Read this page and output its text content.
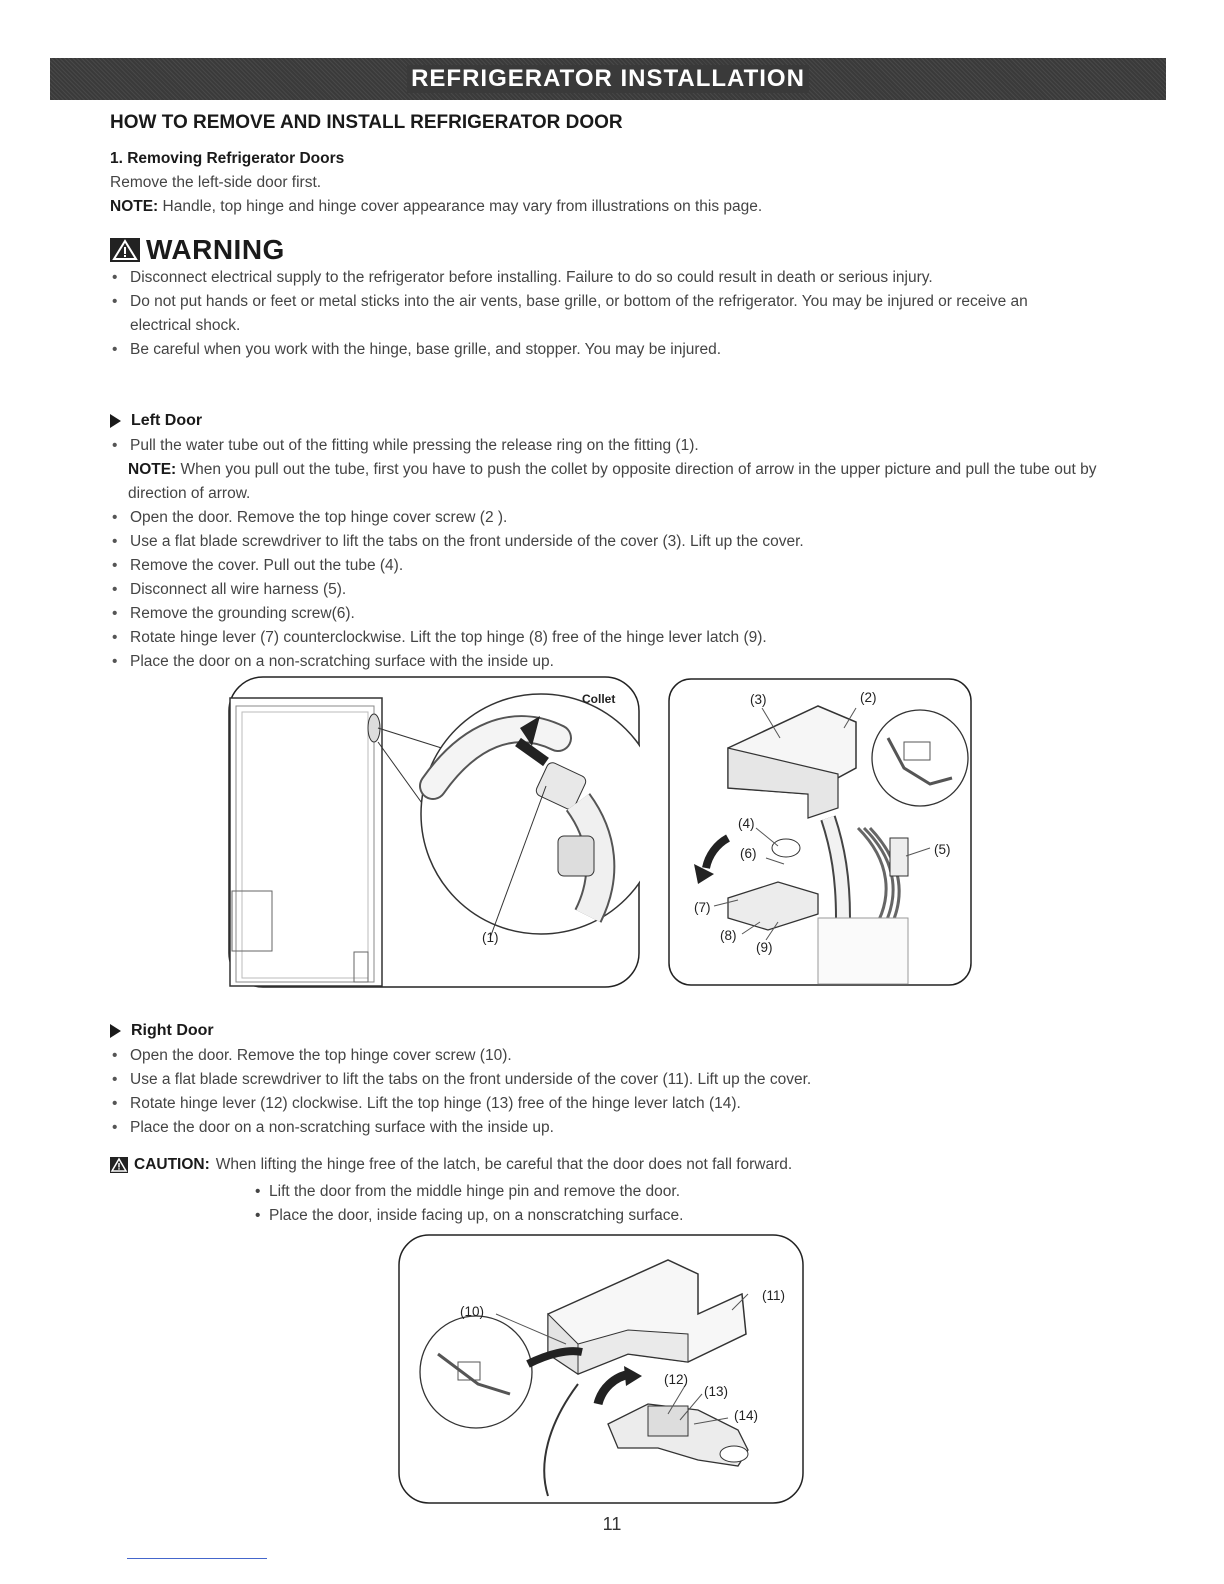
REFRIGERATOR INSTALLATION
HOW TO REMOVE AND INSTALL REFRIGERATOR DOOR
1. Removing Refrigerator Doors
Remove the left-side door first.
NOTE: Handle, top hinge and hinge cover appearance may vary from illustrations on this page.
WARNING
• Disconnect electrical supply to the refrigerator before installing. Failure to do so could result in death or serious injury.
• Do not put hands or feet or metal sticks into the air vents, base grille, or bottom of the refrigerator. You may be injured or receive an electrical shock.
• Be careful when you work with the hinge, base grille, and stopper. You may be injured.
Left Door
• Pull the water tube out of the fitting while pressing the release ring on the fitting (1).
NOTE: When you pull out the tube, first you have to push the collet by opposite direction of arrow in the upper picture and pull the tube out by direction of arrow.
• Open the door. Remove the top hinge cover screw (2 ).
• Use a flat blade screwdriver to lift the tabs on the front underside of the cover (3). Lift up the cover.
• Remove the cover. Pull out the tube (4).
• Disconnect all wire harness (5).
• Remove the grounding screw(6).
• Rotate hinge lever (7) counterclockwise. Lift the top hinge (8) free of the hinge lever latch (9).
• Place the door on a non-scratching surface with the inside up.
Collet
(1)
(2)
(3)
(4)
(5)
(6)
(7)
(8)
(9)
Right Door
• Open the door. Remove the top hinge cover screw (10).
• Use a flat blade screwdriver to lift the tabs on the front underside of the cover (11). Lift up the cover.
• Rotate hinge lever (12) clockwise. Lift the top hinge (13) free of the hinge lever latch (14).
• Place the door on a non-scratching surface with the inside up.
CAUTION: When lifting the hinge free of the latch, be careful that the door does not fall forward.
• Lift the door from the middle hinge pin and remove the door.
• Place the door, inside facing up, on a nonscratching surface.
(10)
(11)
(12)
(13)
(14)
11
